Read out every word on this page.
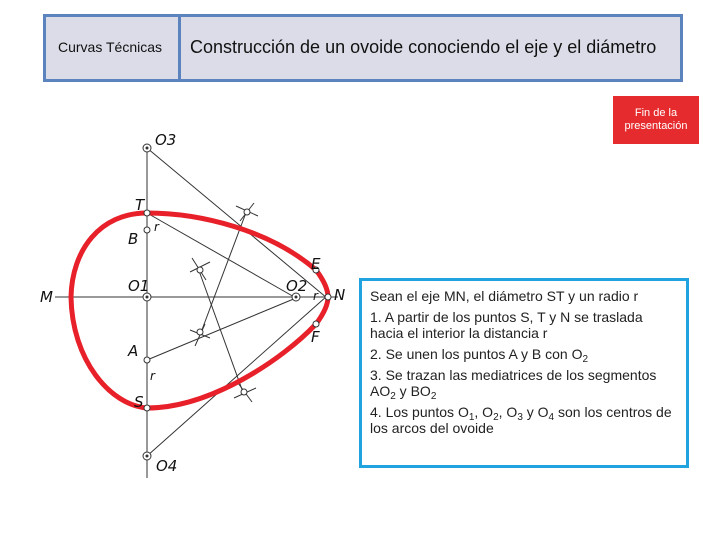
Curvas Técnicas Construcción de un ovoide conociendo el eje y el diámetro
Fin de la
presentación
O3
T
B
r
M
O1	O2
E
r N
F
A
r
S
O4

Sean el eje MN, el diámetro ST y un radio r

1. A partir de los puntos S, T y N se traslada hacia el interior la distancia r

2. Se unen los puntos A y B con $O_2$

3. Se trazan las mediatrices de los segmentos $AO_2$ y $BO_2$

4. Los puntos $O_1$, $O_2$, $O_3$ y $O_4$ son los centros de los arcos del ovoide
